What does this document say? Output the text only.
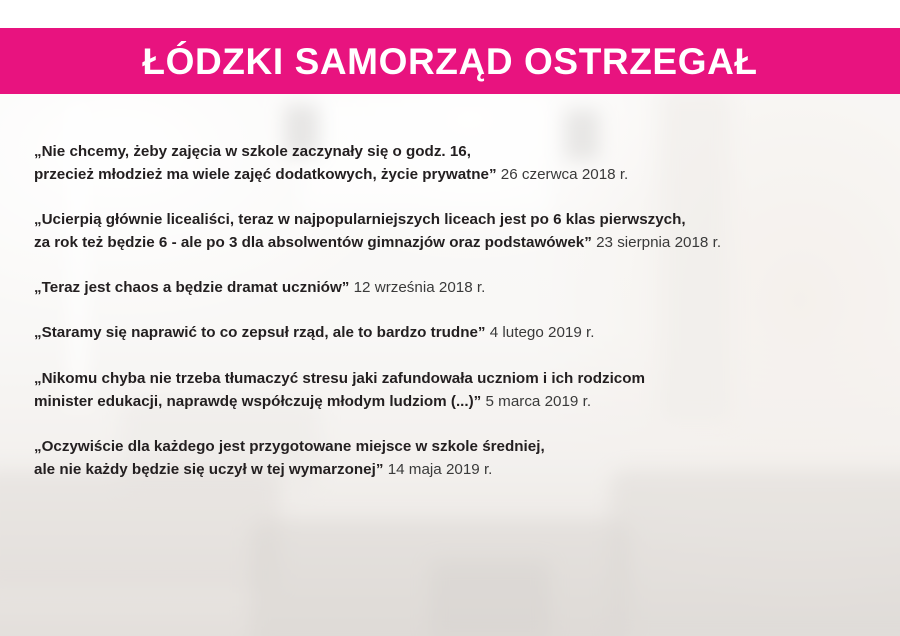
ŁÓDZKI SAMORZĄD OSTRZEGAŁ
„Nie chcemy, żeby zajęcia w szkole zaczynały się o godz. 16,
przecież młodzież ma wiele zajęć dodatkowych, życie prywatne” 26 czerwca 2018 r.
„Ucierpią głównie licealiści, teraz w najpopularniejszych liceach jest po 6 klas pierwszych,
za rok też będzie 6 - ale po 3 dla absolwentów gimnazjów oraz podstawówek” 23 sierpnia 2018 r.
„Teraz jest chaos a będzie dramat uczniów” 12 września 2018 r.
„Staramy się naprawić to co zepsuł rząd, ale to bardzo trudne” 4 lutego 2019 r.
„Nikomu chyba nie trzeba tłumaczyć stresu jaki zafundowała uczniom i ich rodzicom
minister edukacji, naprawdę współczuję młodym ludziom (...)” 5 marca 2019 r.
„Oczywiście dla każdego jest przygotowane miejsce w szkole średniej,
ale nie każdy będzie się uczył w tej wymarzonej” 14 maja 2019 r.
